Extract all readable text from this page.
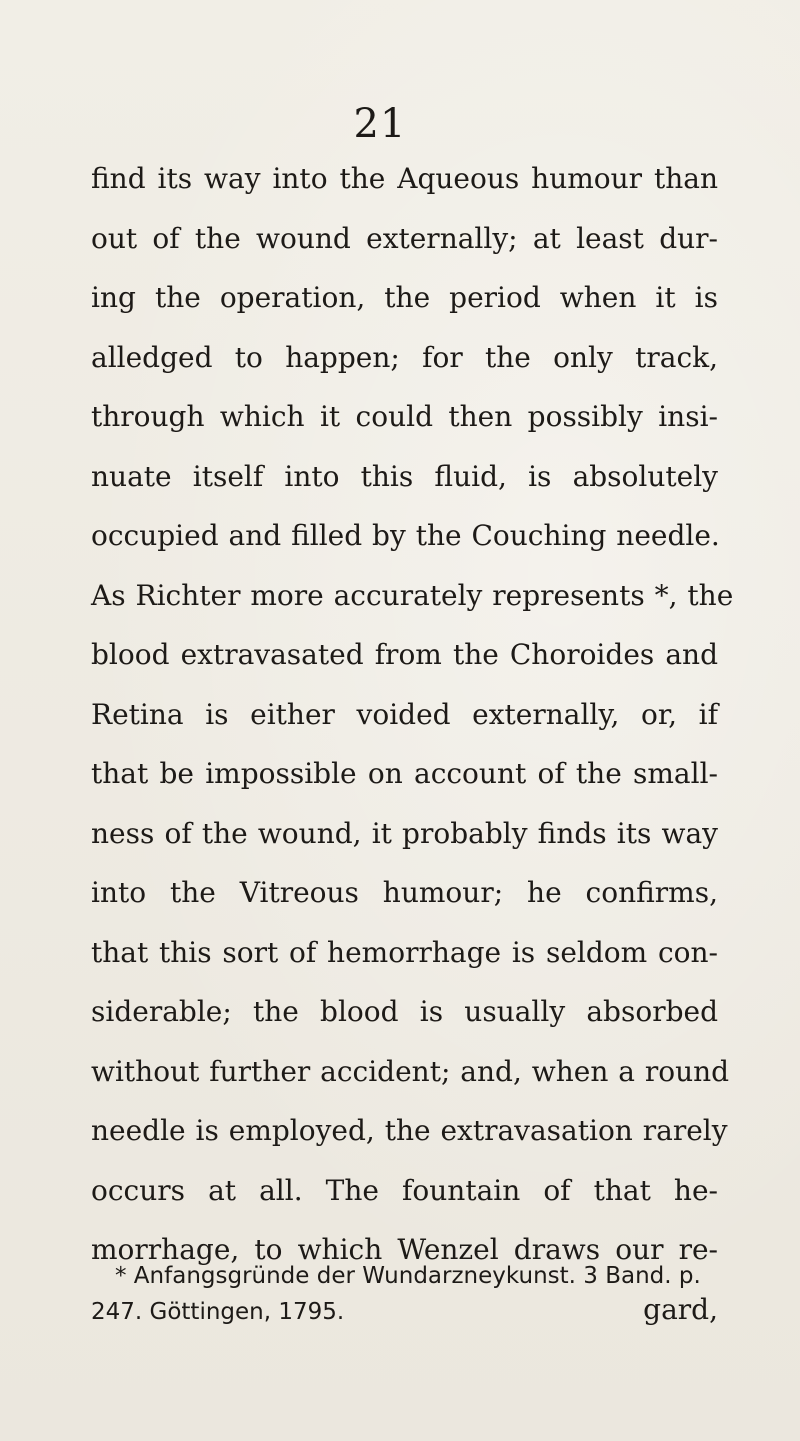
21
find its way into the Aqueous humour than
out of the wound externally; at least dur-
ing the operation, the period when it is
alledged to happen; for the only track,
through which it could then possibly insi-
nuate itself into this fluid, is absolutely
occupied and filled by the Couching needle.
As Richter more accurately represents *, the
blood extravasated from the Choroides and
Retina is either voided externally, or, if
that be impossible on account of the small-
ness of the wound, it probably finds its way
into the Vitreous humour; he confirms,
that this sort of hemorrhage is seldom con-
siderable; the blood is usually absorbed
without further accident; and, when a round
needle is employed, the extravasation rarely
occurs at all. The fountain of that he-
morrhage, to which Wenzel draws our re-
gard,
* Anfangsgründe der Wundarzneykunst. 3 Band. p.
247. Göttingen, 1795.
